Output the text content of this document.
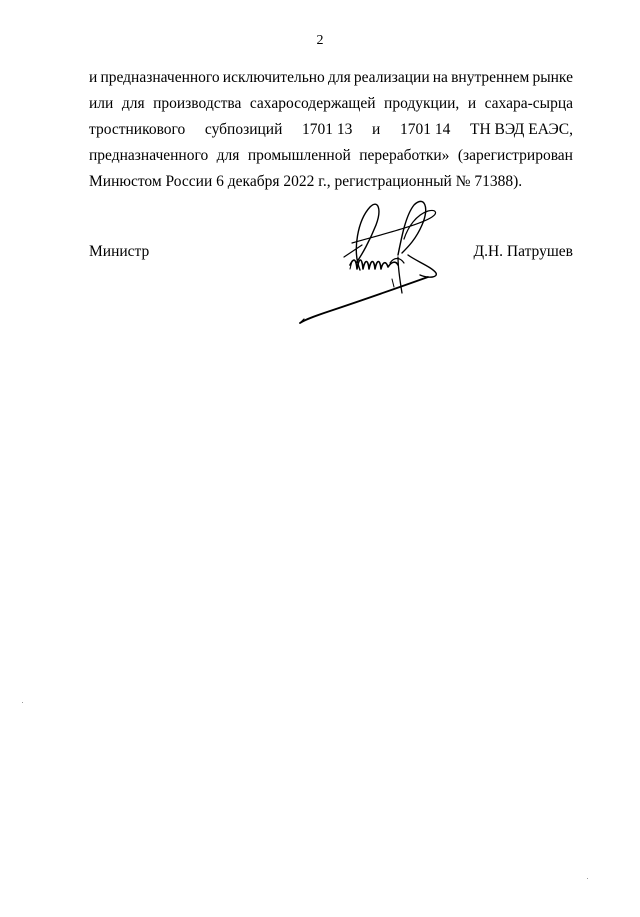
2
и предназначенного исключительно для реализации на внутреннем рынке
или для производства сахаросодержащей продукции, и сахара-сырца
тростникового субпозиций 1701 13 и 1701 14 ТН ВЭД ЕАЭС,
предназначенного для промышленной переработки» (зарегистрирован
Минюстом России 6 декабря 2022 г., регистрационный № 71388).
Министр	Д.Н. Патрушев
